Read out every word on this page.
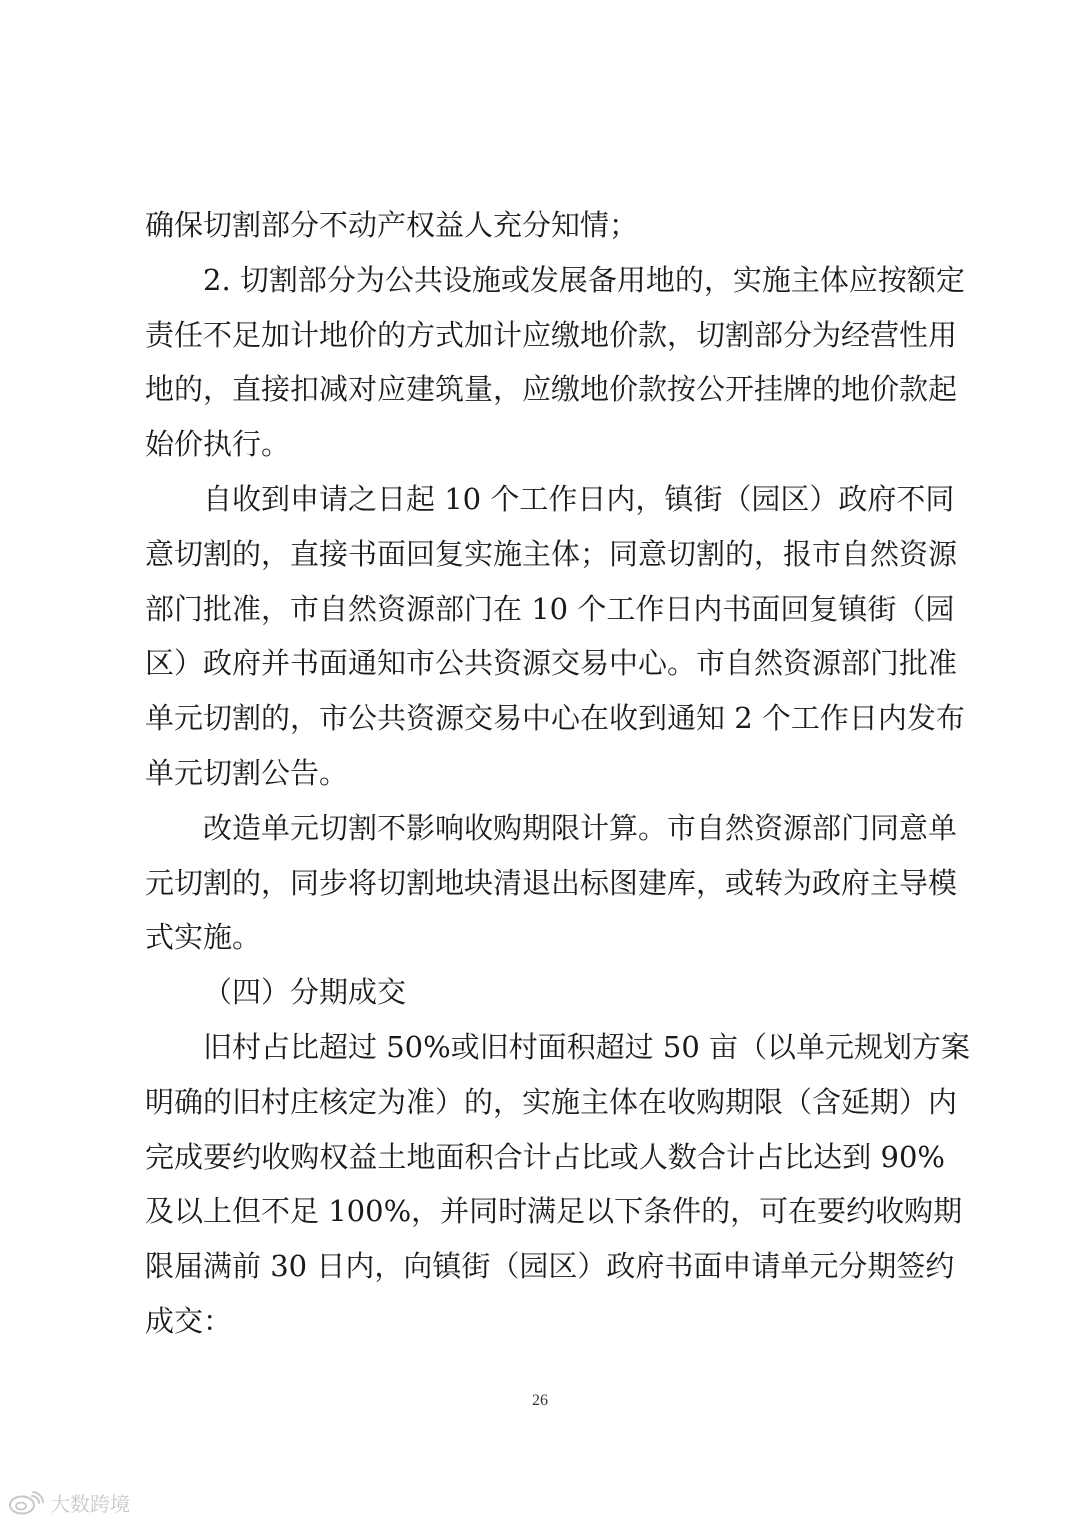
确保切割部分不动产权益人充分知情；
2. 切割部分为公共设施或发展备用地的，实施主体应按额定
责任不足加计地价的方式加计应缴地价款，切割部分为经营性用
地的，直接扣减对应建筑量，应缴地价款按公开挂牌的地价款起
始价执行。
自收到申请之日起 10 个工作日内，镇街（园区）政府不同
意切割的，直接书面回复实施主体；同意切割的，报市自然资源
部门批准，市自然资源部门在 10 个工作日内书面回复镇街（园
区）政府并书面通知市公共资源交易中心。市自然资源部门批准
单元切割的，市公共资源交易中心在收到通知 2 个工作日内发布
单元切割公告。
改造单元切割不影响收购期限计算。市自然资源部门同意单
元切割的，同步将切割地块清退出标图建库，或转为政府主导模
式实施。
（四）分期成交
旧村占比超过 50%或旧村面积超过 50 亩（以单元规划方案
明确的旧村庄核定为准）的，实施主体在收购期限（含延期）内
完成要约收购权益土地面积合计占比或人数合计占比达到 90%
及以上但不足 100%，并同时满足以下条件的，可在要约收购期
限届满前 30 日内，向镇街（园区）政府书面申请单元分期签约
成交：
26
大数跨境
